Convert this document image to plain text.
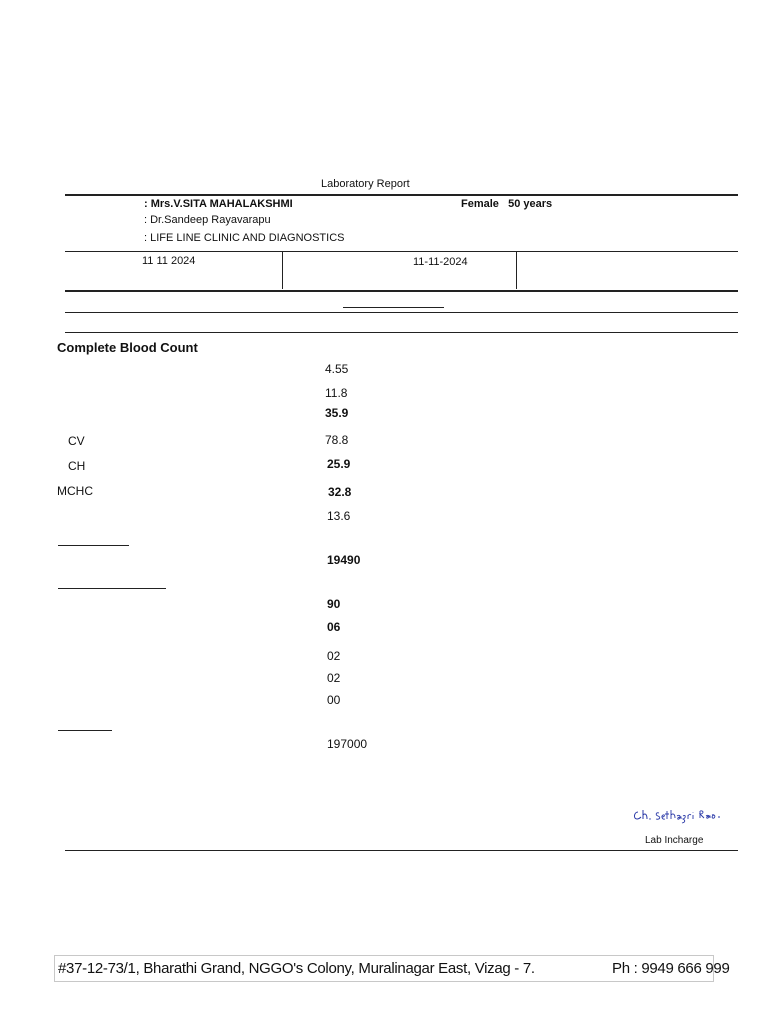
Laboratory Report
: Mrs.V.SITA MAHALAKSHMI	Female   50 years
: Dr.Sandeep Rayavarapu
: LIFE LINE CLINIC AND DIAGNOSTICS
11 11 2024	11-11-2024
Complete Blood Count
4.55
11.8
35.9
CV	78.8
CH	25.9
MCHC	32.8
13.6
19490
90
06
02
02
00
197000
Lab Incharge
#37-12-73/1, Bharathi Grand, NGGO's Colony, Muralinagar East, Vizag - 7.	Ph : 9949 666 999
